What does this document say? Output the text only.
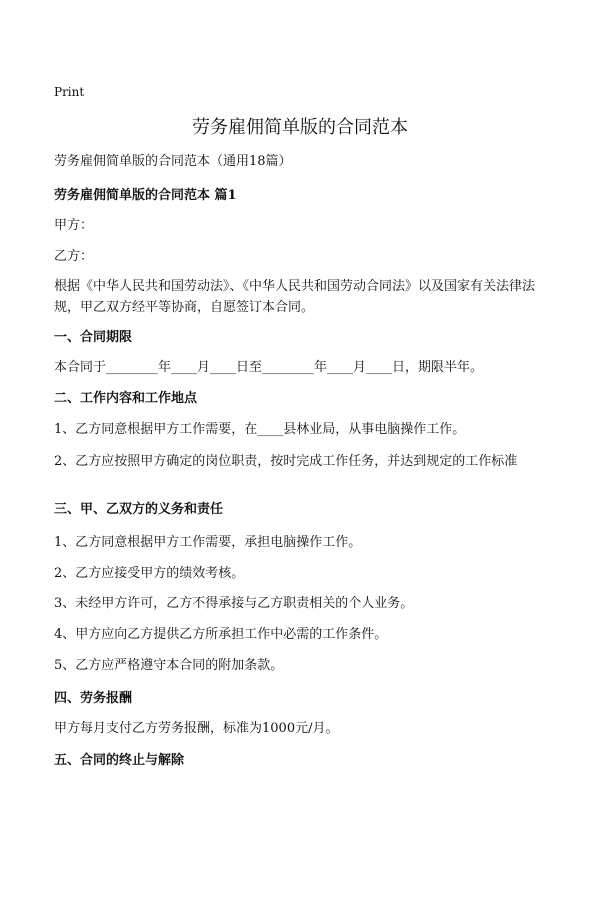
Print
劳务雇佣简单版的合同范本

劳务雇佣简单版的合同范本（通用18篇）

劳务雇佣简单版的合同范本 篇1

甲方：

乙方：

根据《中华人民共和国劳动法》、《中华人民共和国劳动合同法》以及国家有关法律法规，甲乙双方经平等协商，自愿签订本合同。

一、合同期限

本合同于________年____月____日至________年____月____日，期限半年。

二、工作内容和工作地点

1、乙方同意根据甲方工作需要，在____县林业局，从事电脑操作工作。

2、乙方应按照甲方确定的岗位职责，按时完成工作任务，并达到规定的工作标准

三、甲、乙双方的义务和责任

1、乙方同意根据甲方工作需要，承担电脑操作工作。

2、乙方应接受甲方的绩效考核。

3、未经甲方许可，乙方不得承接与乙方职责相关的个人业务。

4、甲方应向乙方提供乙方所承担工作中必需的工作条件。

5、乙方应严格遵守本合同的附加条款。

四、劳务报酬

甲方每月支付乙方劳务报酬，标准为1000元/月。

五、合同的终止与解除
